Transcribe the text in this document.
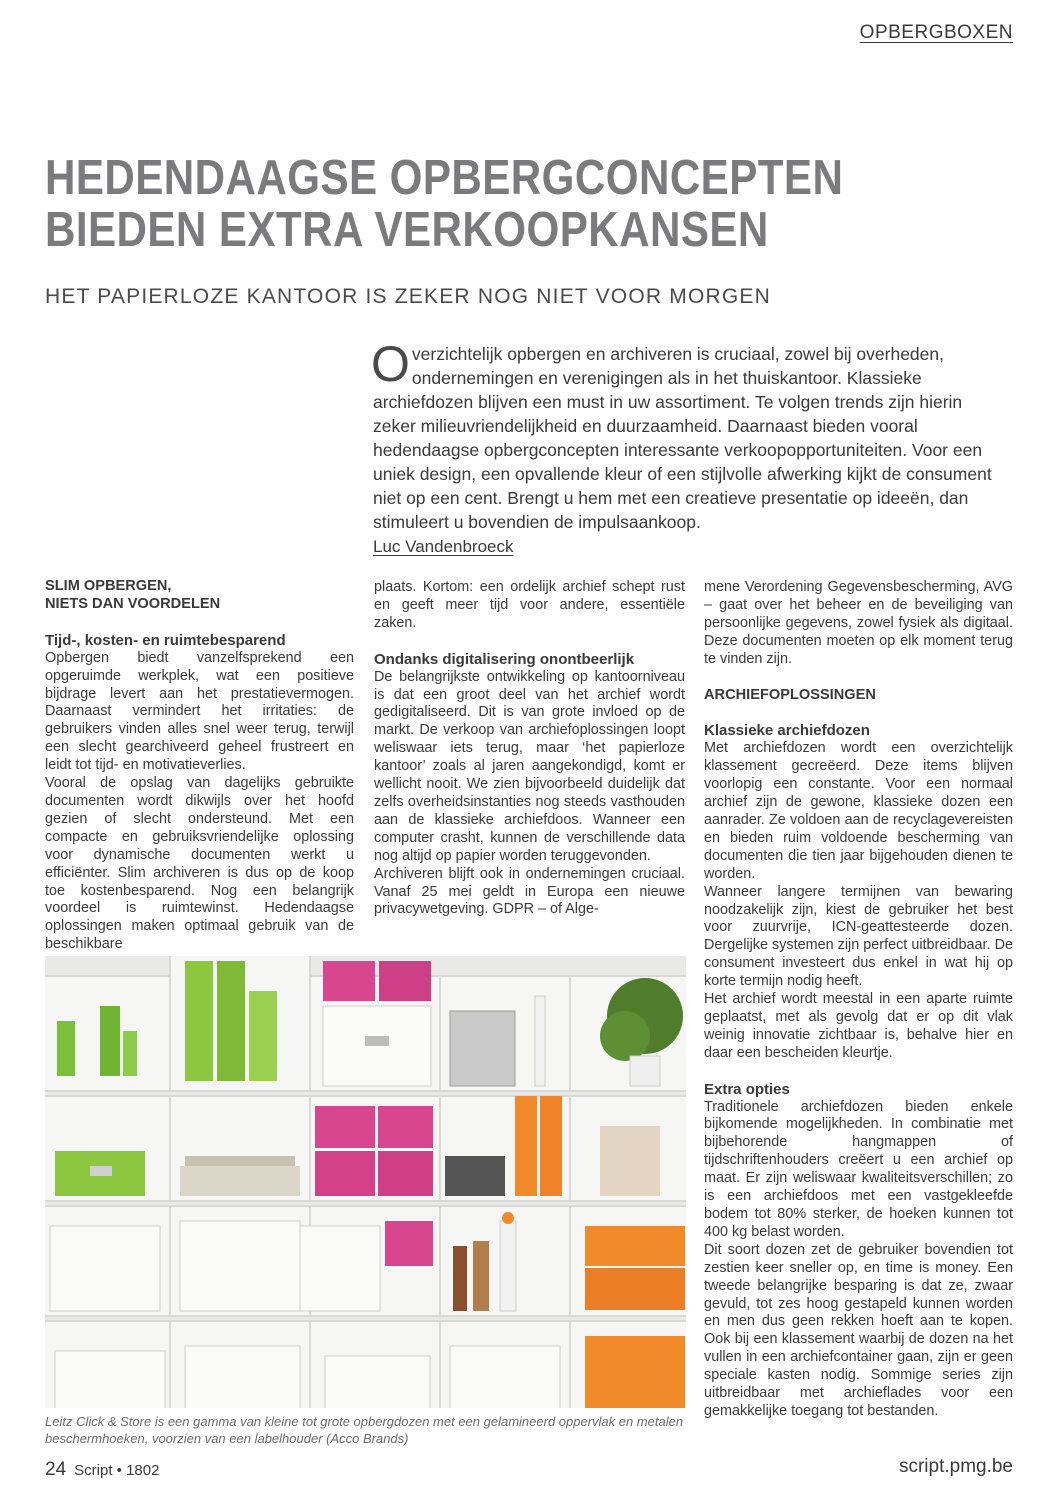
OPBERGBOXEN
HEDENDAAGSE OPBERGCONCEPTEN
BIEDEN EXTRA VERKOOPKANSEN
HET PAPIERLOZE KANTOOR IS ZEKER NOG NIET VOOR MORGEN
Overzichtelijk opbergen en archiveren is cruciaal, zowel bij overheden, ondernemingen en verenigingen als in het thuiskantoor. Klassieke archiefdozen blijven een must in uw assortiment. Te volgen trends zijn hierin zeker milieuvriendelijkheid en duurzaamheid. Daarnaast bieden vooral hedendaagse opbergconcepten interessante verkoopopportuniteiten. Voor een uniek design, een opvallende kleur of een stijlvolle afwerking kijkt de consument niet op een cent. Brengt u hem met een creatieve presentatie op ideeën, dan stimuleert u bovendien de impulsaankoop.
Luc Vandenbroeck

SLIM OPBERGEN,
NIETS DAN VOORDELEN

Tijd-, kosten- en ruimtebesparend

Opbergen biedt vanzelfsprekend een opgeruimde werkplek, wat een positieve bijdrage levert aan het prestatievermogen. Daarnaast vermindert het irritaties: de gebruikers vinden alles snel weer terug, terwijl een slecht gearchiveerd geheel frustreert en leidt tot tijd- en motivatieverlies.

Vooral de opslag van dagelijks gebruikte documenten wordt dikwijls over het hoofd gezien of slecht ondersteund. Met een compacte en gebruiksvriendelijke oplossing voor dynamische documenten werkt u efficiënter. Slim archiveren is dus op de koop toe kostenbesparend. Nog een belangrijk voordeel is ruimtewinst. Hedendaagse oplossingen maken optimaal gebruik van de beschikbare

plaats. Kortom: een ordelijk archief schept rust en geeft meer tijd voor andere, essentiële zaken.

Ondanks digitalisering onontbeerlijk

De belangrijkste ontwikkeling op kantoorniveau is dat een groot deel van het archief wordt gedigitaliseerd. Dit is van grote invloed op de markt. De verkoop van archiefoplossingen loopt weliswaar iets terug, maar ‘het papierloze kantoor’ zoals al jaren aangekondigd, komt er wellicht nooit. We zien bijvoorbeeld duidelijk dat zelfs overheidsinstanties nog steeds vasthouden aan de klassieke archiefdoos. Wanneer een computer crasht, kunnen de verschillende data nog altijd op papier worden teruggevonden.

Archiveren blijft ook in ondernemingen cruciaal. Vanaf 25 mei geldt in Europa een nieuwe privacywetgeving. GDPR – of Alge-

mene Verordening Gegevensbescherming, AVG – gaat over het beheer en de beveiliging van persoonlijke gegevens, zowel fysiek als digitaal. Deze documenten moeten op elk moment terug te vinden zijn.

ARCHIEFOPLOSSINGEN

Klassieke archiefdozen

Met archiefdozen wordt een overzichtelijk klassement gecreëerd. Deze items blijven voorlopig een constante. Voor een normaal archief zijn de gewone, klassieke dozen een aanrader. Ze voldoen aan de recyclagevereisten en bieden ruim voldoende bescherming van documenten die tien jaar bijgehouden dienen te worden.

Wanneer langere termijnen van bewaring noodzakelijk zijn, kiest de gebruiker het best voor zuurvrije, ICN-geattesteerde dozen. Dergelijke systemen zijn perfect uitbreidbaar. De consument investeert dus enkel in wat hij op korte termijn nodig heeft.

Het archief wordt meestal in een aparte ruimte geplaatst, met als gevolg dat er op dit vlak weinig innovatie zichtbaar is, behalve hier en daar een bescheiden kleurtje.

Extra opties

Traditionele archiefdozen bieden enkele bijkomende mogelijkheden. In combinatie met bijbehorende hangmappen of tijdschriftenhouders creëert u een archief op maat. Er zijn weliswaar kwaliteitsverschillen; zo is een archiefdoos met een vastgekleefde bodem tot 80% sterker, de hoeken kunnen tot 400 kg belast worden.

Dit soort dozen zet de gebruiker bovendien tot zestien keer sneller op, en time is money. Een tweede belangrijke besparing is dat ze, zwaar gevuld, tot zes hoog gestapeld kunnen worden en men dus geen rekken hoeft aan te kopen. Ook bij een klassement waarbij de dozen na het vullen in een archiefcontainer gaan, zijn er geen speciale kasten nodig. Sommige series zijn uitbreidbaar met archieflades voor een gemakkelijke toegang tot bestanden.

Leitz Click & Store is een gamma van kleine tot grote opbergdozen met een gelamineerd oppervlak en metalen beschermhoeken, voorzien van een labelhouder (Acco Brands)
24 Script • 1802	script.pmg.be
